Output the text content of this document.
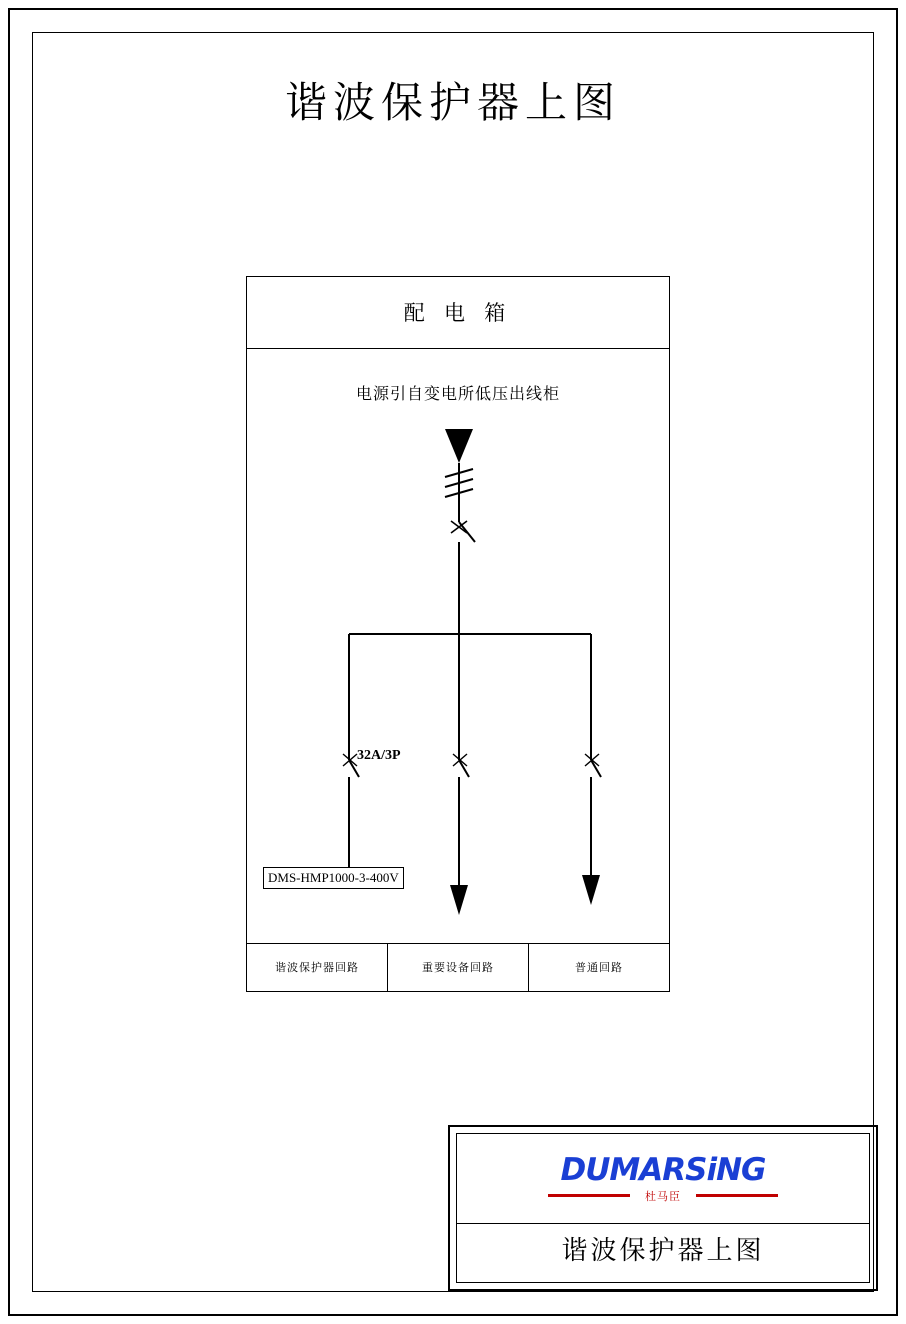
谐波保护器上图
配 电 箱
电源引自变电所低压出线柜
32A/3P
DMS-HMP1000-3-400V
谐波保护器回路	重要设备回路	普通回路
DUMARSiNG
杜马臣
谐波保护器上图
